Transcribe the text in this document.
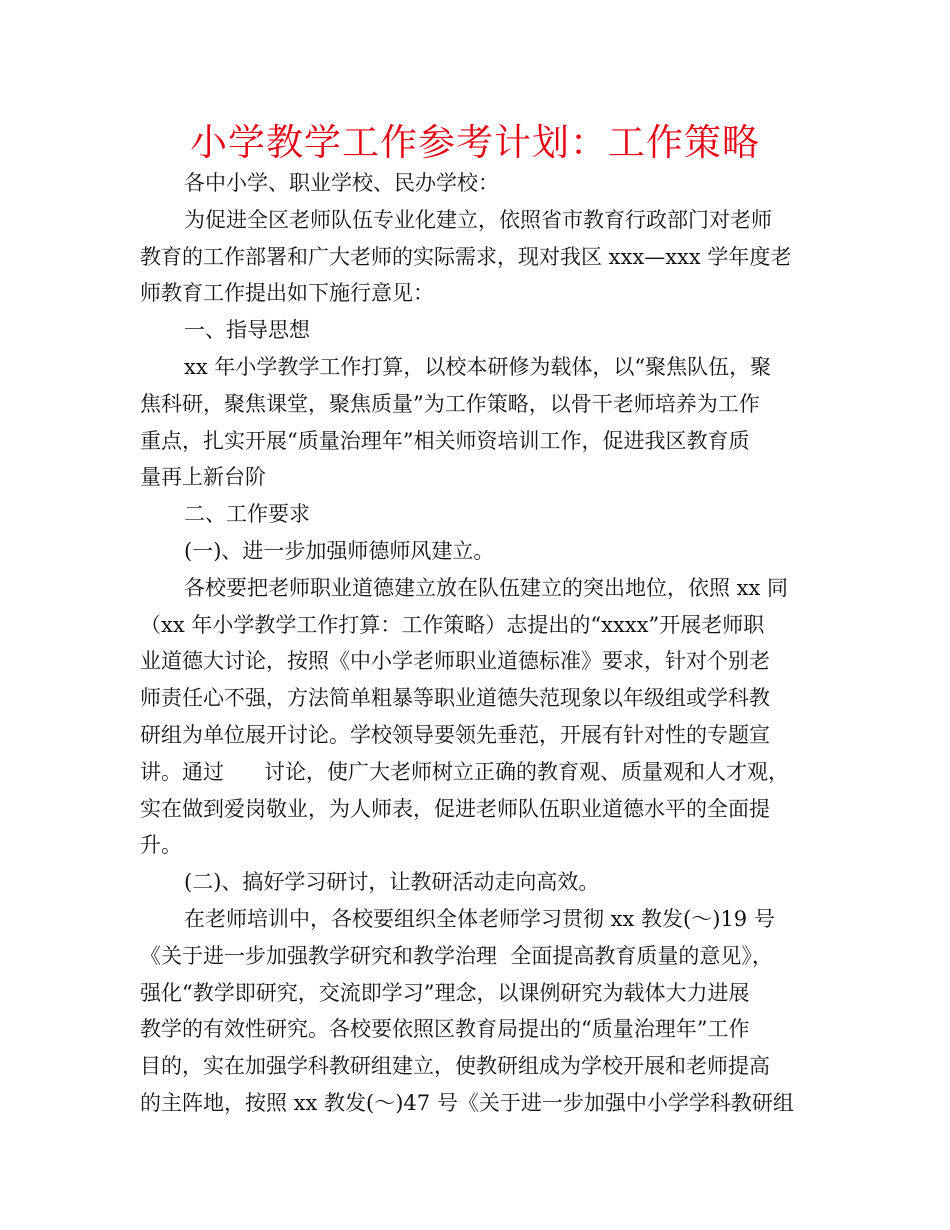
小学教学工作参考计划：工作策略
各中小学、职业学校、民办学校：
为促进全区老师队伍专业化建立，依照省市教育行政部门对老师
教育的工作部署和广大老师的实际需求，现对我区 xxx—xxx 学年度老
师教育工作提出如下施行意见：
一、指导思想
xx 年小学教学工作打算，以校本研修为载体，以“聚焦队伍，聚
焦科研，聚焦课堂，聚焦质量”为工作策略，以骨干老师培养为工作
重点，扎实开展“质量治理年”相关师资培训工作，促进我区教育质
量再上新台阶
二、工作要求
(一)、进一步加强师德师风建立。
各校要把老师职业道德建立放在队伍建立的突出地位，依照 xx 同
（xx 年小学教学工作打算：工作策略）志提出的“xxxx”开展老师职
业道德大讨论，按照《中小学老师职业道德标准》要求，针对个别老
师责任心不强，方法简单粗暴等职业道德失范现象以年级组或学科教
研组为单位展开讨论。学校领导要领先垂范，开展有针对性的专题宣
讲。通过      讨论，使广大老师树立正确的教育观、质量观和人才观，
实在做到爱岗敬业，为人师表，促进老师队伍职业道德水平的全面提
升。
(二)、搞好学习研讨，让教研活动走向高效。
在老师培训中，各校要组织全体老师学习贯彻 xx 教发(～)19 号
《关于进一步加强教学研究和教学治理  全面提高教育质量的意见》，
强化“教学即研究，交流即学习”理念，以课例研究为载体大力进展
教学的有效性研究。各校要依照区教育局提出的“质量治理年”工作
目的，实在加强学科教研组建立，使教研组成为学校开展和老师提高
的主阵地，按照 xx 教发(～)47 号《关于进一步加强中小学学科教研组
